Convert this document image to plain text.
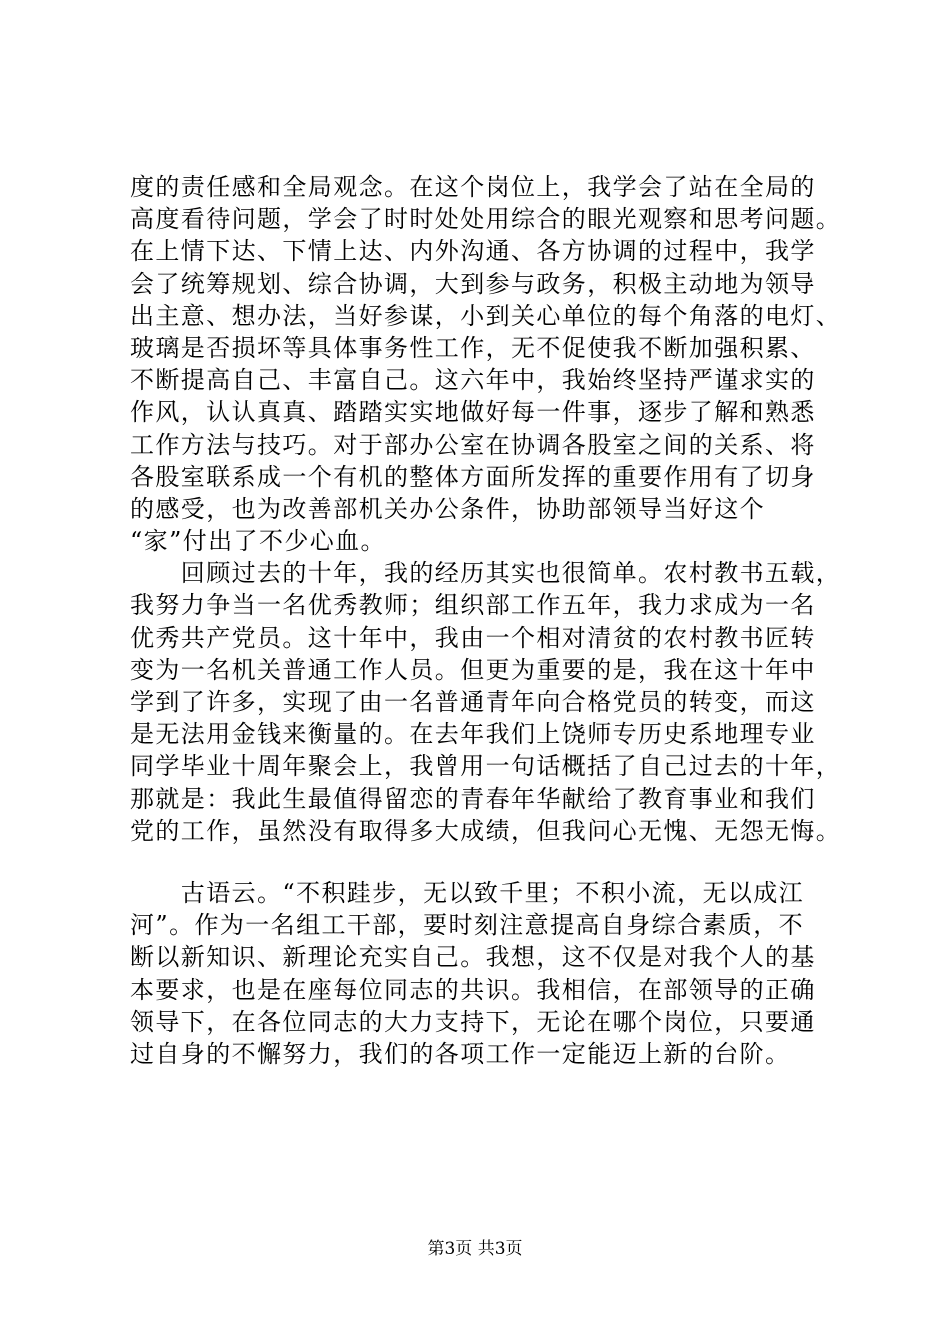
度的责任感和全局观念。在这个岗位上，我学会了站在全局的
高度看待问题，学会了时时处处用综合的眼光观察和思考问题。
在上情下达、下情上达、内外沟通、各方协调的过程中，我学
会了统筹规划、综合协调，大到参与政务，积极主动地为领导
出主意、想办法，当好参谋，小到关心单位的每个角落的电灯、
玻璃是否损坏等具体事务性工作，无不促使我不断加强积累、
不断提高自己、丰富自己。这六年中，我始终坚持严谨求实的
作风，认认真真、踏踏实实地做好每一件事，逐步了解和熟悉
工作方法与技巧。对于部办公室在协调各股室之间的关系、将
各股室联系成一个有机的整体方面所发挥的重要作用有了切身
的感受，也为改善部机关办公条件，协助部领导当好这个
“家”付出了不少心血。
　　回顾过去的十年，我的经历其实也很简单。农村教书五载，
我努力争当一名优秀教师；组织部工作五年，我力求成为一名
优秀共产党员。这十年中，我由一个相对清贫的农村教书匠转
变为一名机关普通工作人员。但更为重要的是，我在这十年中
学到了许多，实现了由一名普通青年向合格党员的转变，而这
是无法用金钱来衡量的。在去年我们上饶师专历史系地理专业
同学毕业十周年聚会上，我曾用一句话概括了自己过去的十年，
那就是：我此生最值得留恋的青春年华献给了教育事业和我们
党的工作，虽然没有取得多大成绩，但我问心无愧、无怨无悔。
　　古语云。“不积跬步，无以致千里；不积小流，无以成江
河”。作为一名组工干部，要时刻注意提高自身综合素质，不
断以新知识、新理论充实自己。我想，这不仅是对我个人的基
本要求，也是在座每位同志的共识。我相信，在部领导的正确
领导下，在各位同志的大力支持下，无论在哪个岗位，只要通
过自身的不懈努力，我们的各项工作一定能迈上新的台阶。
第3页 共3页
